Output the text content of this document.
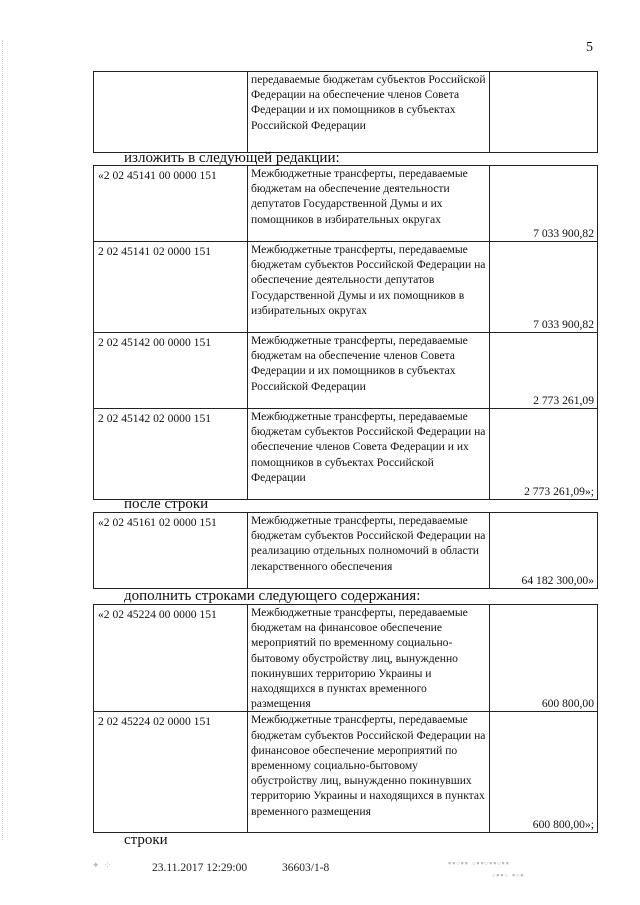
5
	передаваемые бюджетам субъектов Российской Федерации на обеспечение членов Совета Федерации и их помощников в субъектах Российской Федерации	
изложить в следующей редакции:
«2 02 45141 00 0000 151	Межбюджетные трансферты, передаваемые бюджетам на обеспечение деятельности депутатов Государственной Думы и их помощников в избирательных округах	7 033 900,82
2 02 45141 02 0000 151	Межбюджетные трансферты, передаваемые бюджетам субъектов Российской Федерации на обеспечение деятельности депутатов Государственной Думы и их помощников в избирательных округах	7 033 900,82
2 02 45142 00 0000 151	Межбюджетные трансферты, передаваемые бюджетам на обеспечение членов Совета Федерации и их помощников в субъектах Российской Федерации	2 773 261,09
2 02 45142 02 0000 151	Межбюджетные трансферты, передаваемые бюджетам субъектов Российской Федерации на обеспечение членов Совета Федерации и их помощников в субъектах Российской Федерации	2 773 261,09»;
после строки
«2 02 45161 02 0000 151	Межбюджетные трансферты, передаваемые бюджетам субъектов Российской Федерации на реализацию отдельных полномочий в области лекарственного обеспечения	64 182 300,00»
дополнить строками следующего содержания:
«2 02 45224 00 0000 151	Межбюджетные трансферты, передаваемые бюджетам на финансовое обеспечение мероприятий по временному социально-бытовому обустройству лиц, вынужденно покинувших территорию Украины и находящихся в пунктах временного размещения	600 800,00
2 02 45224 02 0000 151	Межбюджетные трансферты, передаваемые бюджетам субъектов Российской Федерации на финансовое обеспечение мероприятий по временному социально-бытовому обустройству лиц, вынужденно покинувших территорию Украины и находящихся в пунктах временного размещения	600 800,00»;
строки
23.11.2017 12:29:00	36603/1-8
✦ ⁘	▪▪▫▪▪ ▫▪▪▫▪▪▫▪▪
▫▪▪▫ ▪▫▪
